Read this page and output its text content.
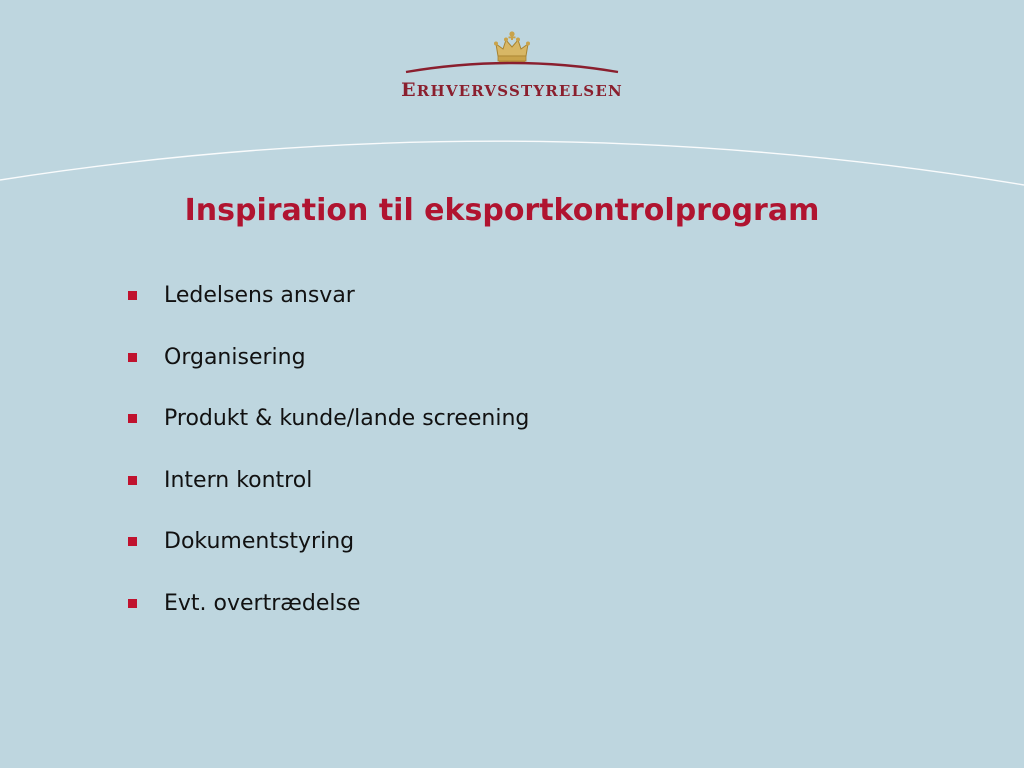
ERHVERVSSTYRELSEN
Inspiration til eksportkontrolprogram
Ledelsens ansvar
Organisering
Produkt & kunde/lande screening
Intern kontrol
Dokumentstyring
Evt. overtrædelse
